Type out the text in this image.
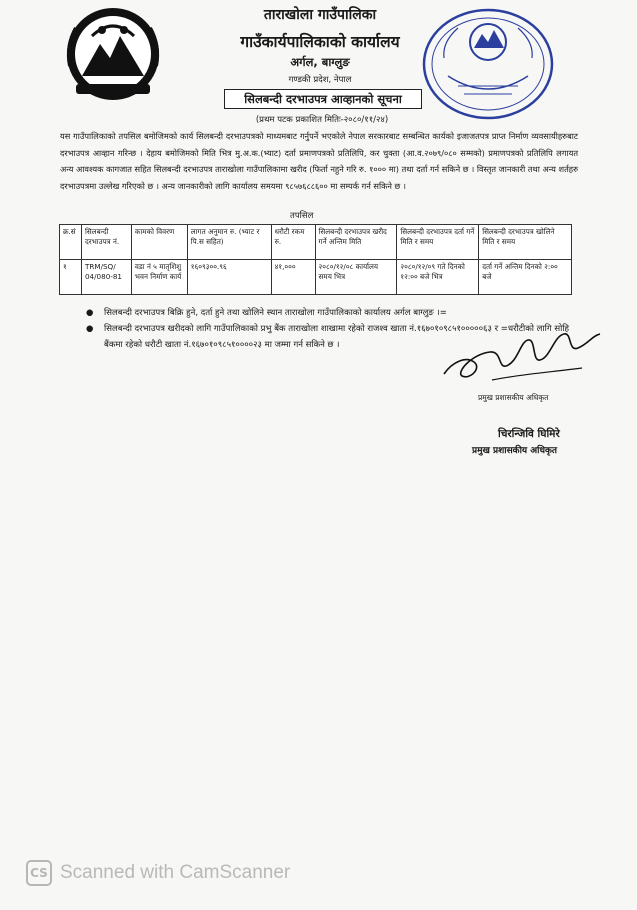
ताराखोला गाउँपालिका
गाउँकार्यपालिकाको कार्यालय
अर्गल, बाग्लुङ
गण्डकी प्रदेश, नेपाल
सिलबन्दी दरभाउपत्र आव्हानको सूचना
(प्रथम पटक प्रकाशित मितिः-२०८०/११/२४)
यस गाउँपालिकाको तपसिल बमोजिमको कार्य सिलबन्दी दरभाउपत्रको माध्यमबाट गर्नुपर्ने भएकोले नेपाल सरकारबाट सम्बन्धित कार्यको इजाजतपत्र प्राप्त निर्माण व्यवसायीहरुबाट दरभाउपत्र आव्हान गरिन्छ । देहाय बमोजिमको मिति भित्र मु.अ.क.(भ्याट) दर्ता प्रमाणपत्रको प्रतिलिपि, कर चुक्ता (आ.व.२०७९/०८० सम्मको) प्रमाणपत्रको प्रतिलिपि लगायत अन्य आवश्यक कागजात सहित सिलबन्दी दरभाउपत्र ताराखोला गाउँपालिकामा खरीद (फिर्ता नहुने गरि रु. १००० मा) तथा दर्ता गर्न सकिने छ । विस्तृत जानकारी तथा अन्य शर्तहरु दरभाउपत्रमा उल्लेख गरिएको छ । अन्य जानकारीको लागि कार्यालय समयमा ९८५७६८८६०० मा सम्पर्क गर्न सकिने छ ।
तपसिल
क्र.सं	सिलबन्दी दरभाउपत्र नं.	कामको विवरण	लागत अनुमान रु. (भ्याट र पि.स सहित)	धरौटी रकम रु.	सिलबन्दी दरभाउपत्र खरीद गर्ने अन्तिम मिति	सिलबन्दी दरभाउपत्र दर्ता गर्ने मिति र समय	सिलबन्दी दरभाउपत्र खोलिने मिति र समय
१	TRM/SQ/ 04/080-81	वडा नं ५ मातृशिशु भवन निर्माण कार्य	१६०९३००.९६	४१,०००	२०८०/१२/०८ कार्यालय समय भित्र	२०८०/१२/०९ गते दिनको १२:०० बजे भित्र	दर्ता गर्ने अन्तिम दिनको २:०० बजे
● सिलबन्दी दरभाउपत्र बिक्रि हुने, दर्ता हुने तथा खोलिने स्थान ताराखोला गाउँपालिकाको कार्यालय अर्गल बाग्लुङ ।=
● सिलबन्दी दरभाउपत्र खरीदको लागि गाउँपालिकाको प्रभु बैंक ताराखोला शाखामा रहेको राजश्व खाता नं.१६७०१०९८५१०००००६३ र =धरौटीको लागि सोहि बैंकमा रहेको धरौटी खाता नं.१६७०१०९८५१००००२३ मा जम्मा गर्न सकिने छ ।
प्रमुख प्रशासकीय अधिकृत
चिरन्जिवि घिमिरे
प्रमुख प्रशासकीय अधिकृत
CS Scanned with CamScanner
